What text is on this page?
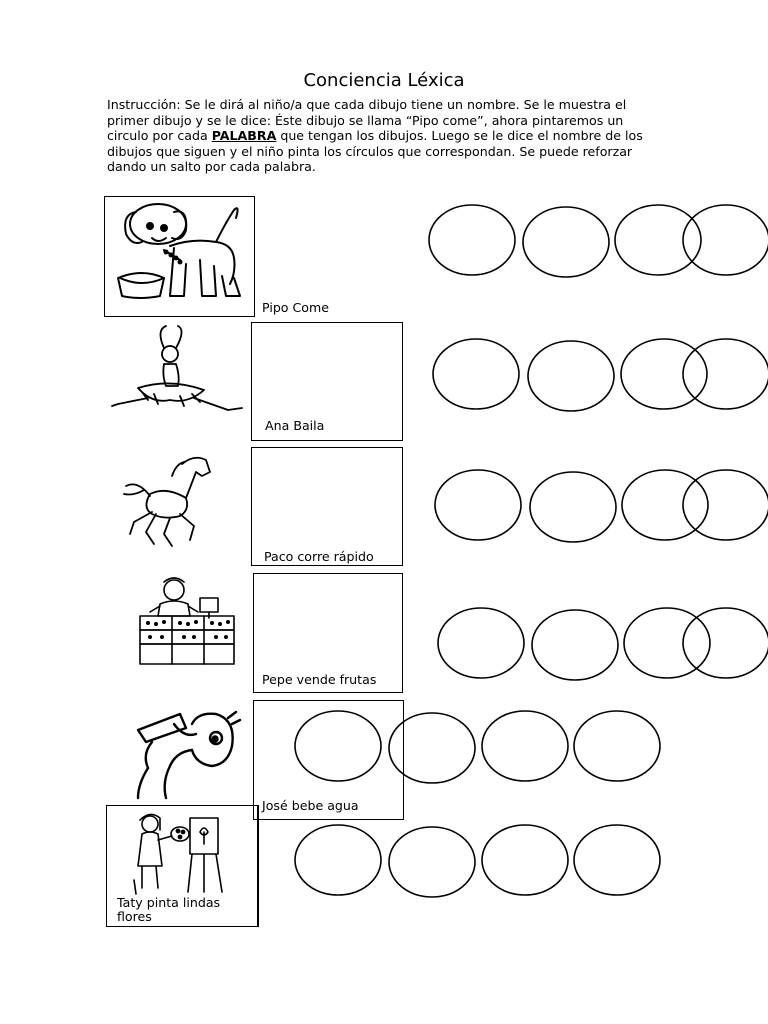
Conciencia Léxica

Instrucción: Se le dirá al niño/a que cada dibujo tiene un nombre. Se le muestra el primer dibujo y se le dice: Éste dibujo se llama “Pipo come”, ahora pintaremos un circulo por cada PALABRA que tengan los dibujos. Luego se le dice el nombre de los dibujos que siguen y el niño pinta los círculos que correspondan. Se puede reforzar dando un salto por cada palabra.

Pipo Come
Ana Baila
Paco corre rápido
Pepe vende frutas
José bebe agua
Taty pinta lindas flores
